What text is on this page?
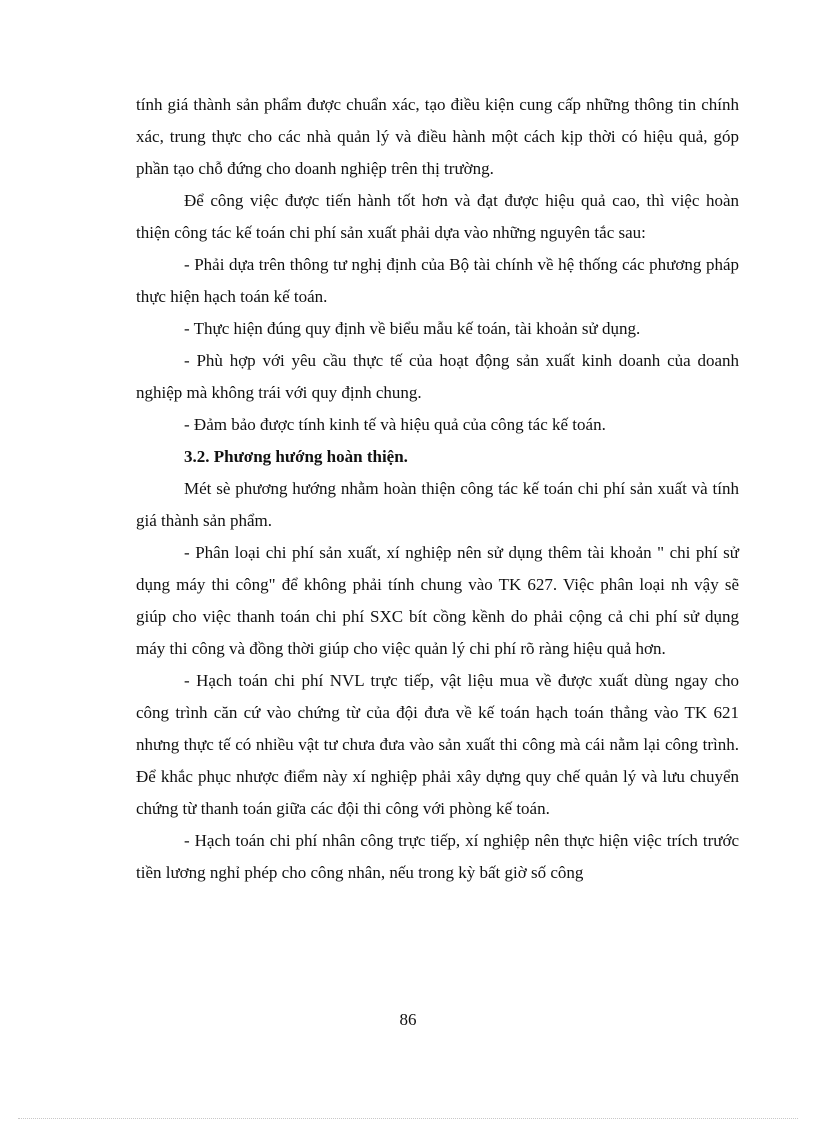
tính giá thành sản phẩm được chuẩn xác, tạo điều kiện cung cấp những thông tin chính xác, trung thực cho các nhà quản lý và điều hành một cách kịp thời có hiệu quả, góp phần tạo chỗ đứng cho doanh nghiệp trên thị trường.

Để công việc được tiến hành tốt hơn và đạt được hiệu quả cao, thì việc hoàn thiện công tác kế toán chi phí sản xuất phải dựa vào những nguyên tắc sau:

- Phải dựa trên thông tư nghị định của Bộ tài chính về hệ thống các phương pháp thực hiện hạch toán kế toán.

- Thực hiện đúng quy định về biểu mẫu kế toán, tài khoản sử dụng.

- Phù hợp với yêu cầu thực tế của hoạt động sản xuất kinh doanh của doanh nghiệp mà không trái với quy định chung.

- Đảm bảo được tính kinh tế và hiệu quả của công tác kế toán.

3.2. Phương hướng hoàn thiện.

Mét sè phương hướng nhằm hoàn thiện công tác kế toán chi phí sản xuất và tính giá thành sản phẩm.

- Phân loại chi phí sản xuất, xí nghiệp nên sử dụng thêm tài khoản " chi phí sử dụng máy thi công" để không phải tính chung vào TK 627. Việc phân loại nh vậy sẽ giúp cho việc thanh toán chi phí SXC bít cồng kềnh do phải cộng cả chi phí sử dụng máy thi công và đồng thời giúp cho việc quản lý chi phí rõ ràng hiệu quả hơn.

- Hạch toán chi phí NVL trực tiếp, vật liệu mua về được xuất dùng ngay cho công trình căn cứ vào chứng từ của đội đưa về kế toán hạch toán thẳng vào TK 621 nhưng thực tế có nhiều vật tư chưa đưa vào sản xuất thi công mà cái nằm lại công trình. Để khắc phục nhược điểm này xí nghiệp phải xây dựng quy chế quản lý và lưu chuyển chứng từ thanh toán giữa các đội thi công với phòng kế toán.

- Hạch toán chi phí nhân công trực tiếp, xí nghiệp nên thực hiện việc trích trước tiền lương nghỉ phép cho công nhân, nếu trong kỳ bất giờ số công

86
